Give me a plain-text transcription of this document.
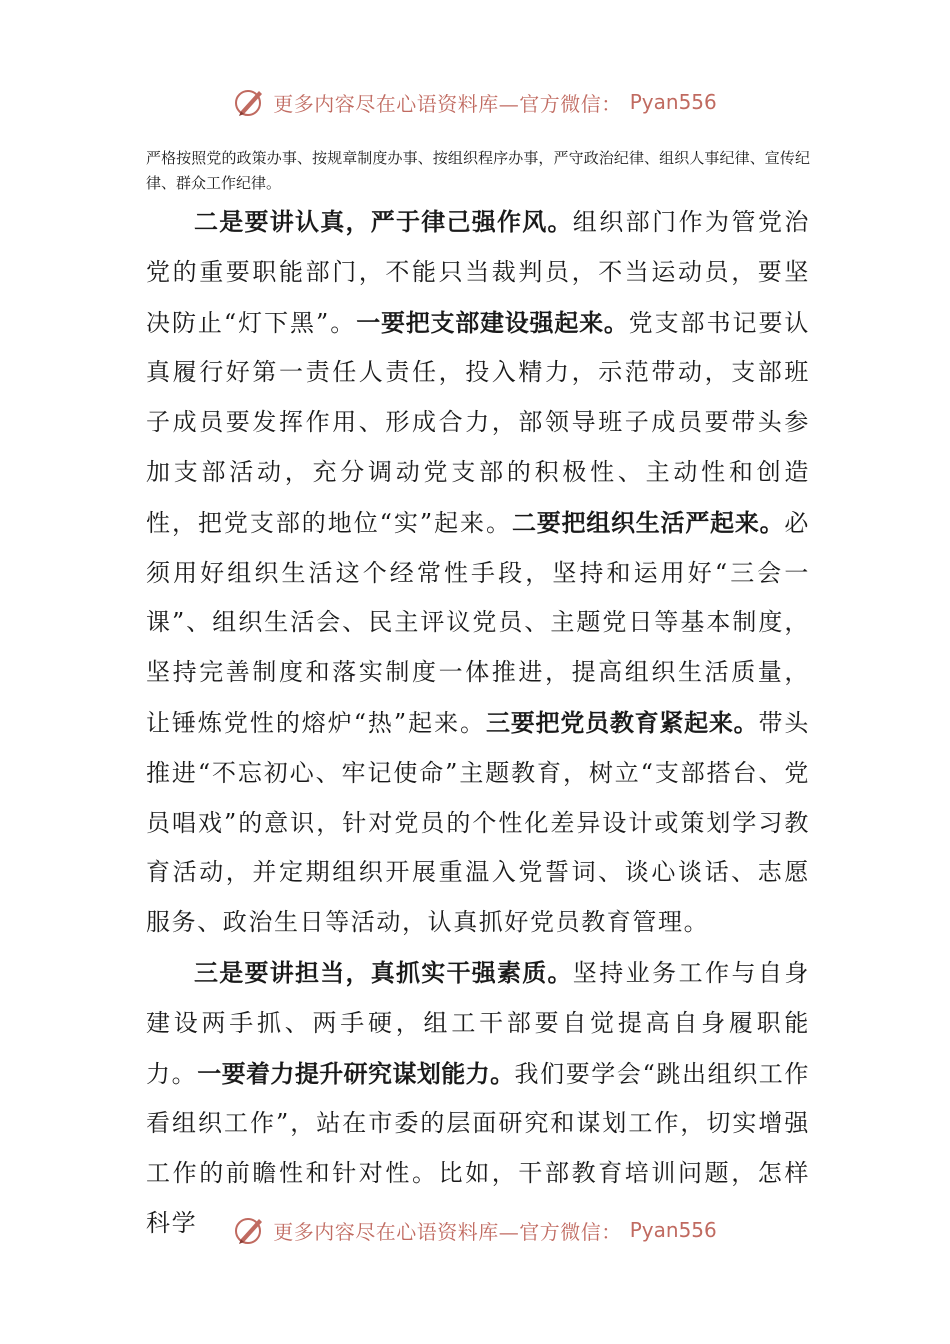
更多内容尽在心语资料库—官方微信： Pyan556

严格按照党的政策办事、按规章制度办事、按组织程序办事，严守政治纪律、组织人事纪律、宣传纪律、群众工作纪律。

二是要讲认真，严于律己强作风。组织部门作为管党治党的重要职能部门，不能只当裁判员，不当运动员，要坚决防止“灯下黑”。一要把支部建设强起来。党支部书记要认真履行好第一责任人责任，投入精力，示范带动，支部班子成员要发挥作用、形成合力，部领导班子成员要带头参加支部活动，充分调动党支部的积极性、主动性和创造性，把党支部的地位“实”起来。二要把组织生活严起来。必须用好组织生活这个经常性手段，坚持和运用好“三会一课”、组织生活会、民主评议党员、主题党日等基本制度，坚持完善制度和落实制度一体推进，提高组织生活质量，让锤炼党性的熔炉“热”起来。三要把党员教育紧起来。带头推进“不忘初心、牢记使命”主题教育，树立“支部搭台、党员唱戏”的意识，针对党员的个性化差异设计或策划学习教育活动，并定期组织开展重温入党誓词、谈心谈话、志愿服务、政治生日等活动，认真抓好党员教育管理。

三是要讲担当，真抓实干强素质。坚持业务工作与自身建设两手抓、两手硬，组工干部要自觉提高自身履职能力。一要着力提升研究谋划能力。我们要学会“跳出组织工作看组织工作”，站在市委的层面研究和谋划工作，切实增强工作的前瞻性和针对性。比如，干部教育培训问题，怎样科学	更多内容尽在心语资料库—官方微信： Pyan556
